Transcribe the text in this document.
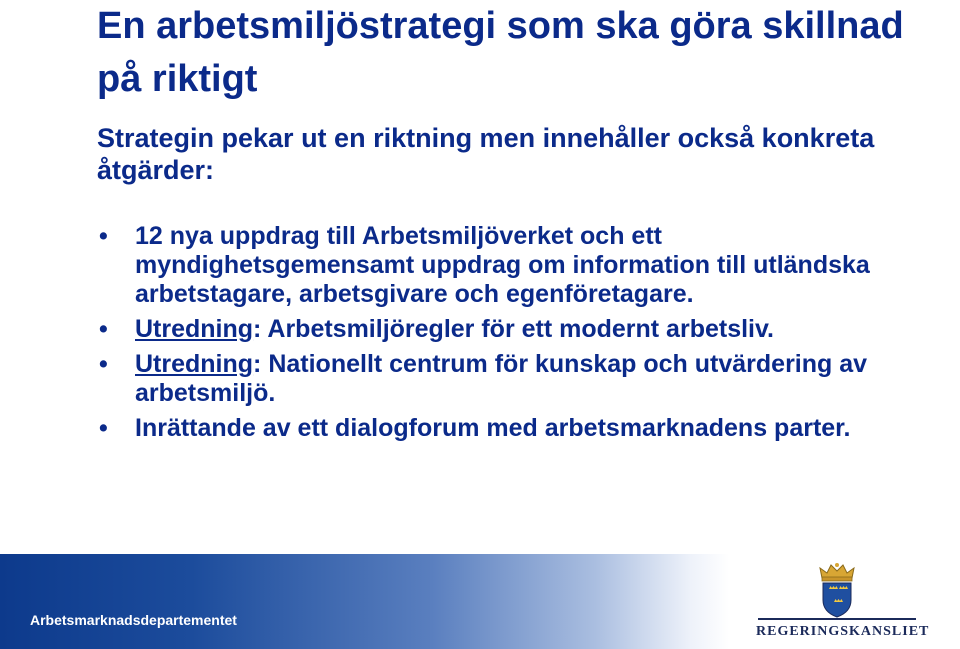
En arbetsmiljöstrategi som ska göra skillnad på riktigt
Strategin pekar ut en riktning men innehåller också konkreta åtgärder:
• 12 nya uppdrag till Arbetsmiljöverket och ett myndighetsgemensamt uppdrag om information till utländska arbetstagare, arbetsgivare och egenföretagare.
• Utredning: Arbetsmiljöregler för ett modernt arbetsliv.
• Utredning: Nationellt centrum för kunskap och utvärdering av arbetsmiljö.
• Inrättande av ett dialogforum med arbetsmarknadens parter.
Arbetsmarknadsdepartementet
REGERINGSKANSLIET
